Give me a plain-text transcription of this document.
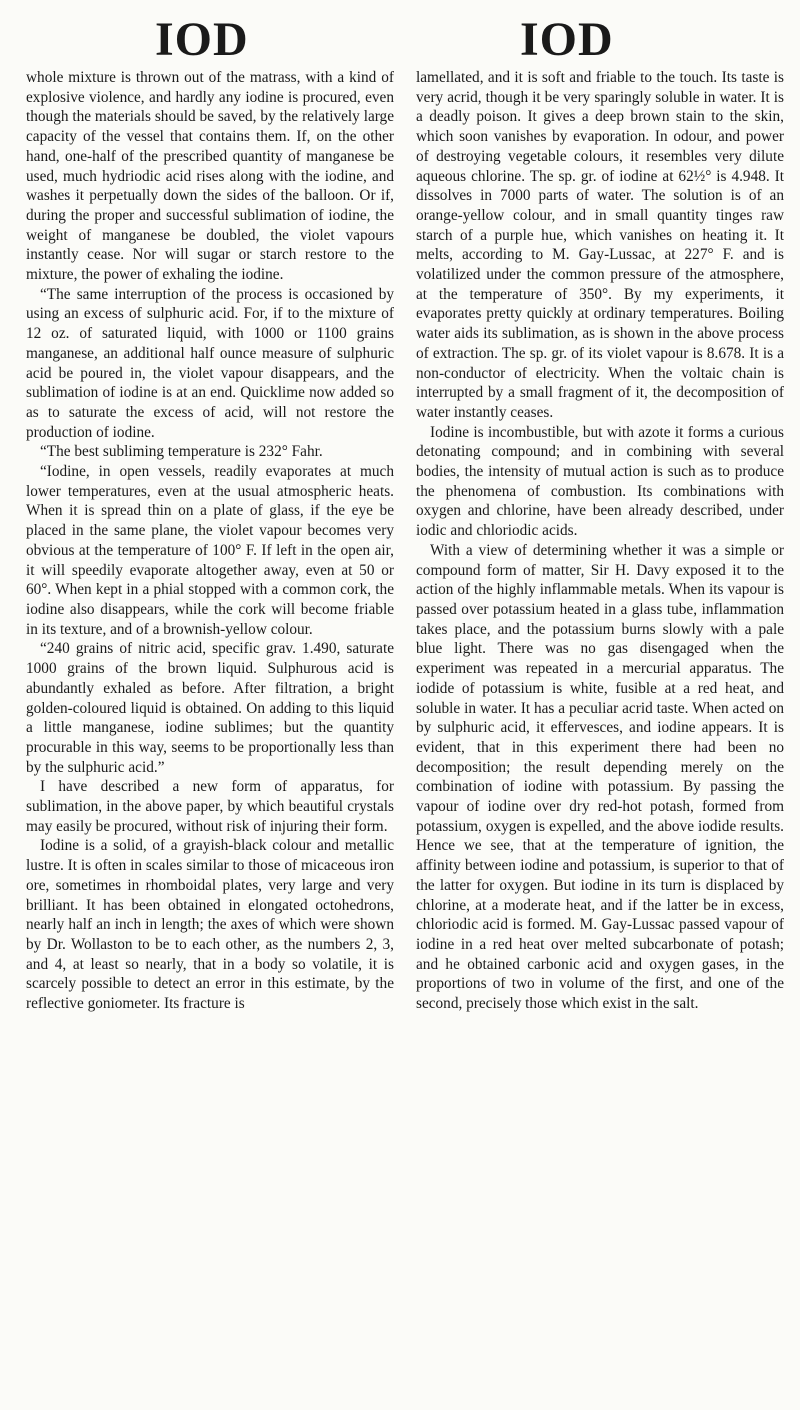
IOD	IOD

whole mixture is thrown out of the matrass, with a kind of explosive violence, and hardly any iodine is procured, even though the materials should be saved, by the relatively large capacity of the vessel that contains them. If, on the other hand, one-half of the prescribed quantity of manganese be used, much hydriodic acid rises along with the iodine, and washes it perpetually down the sides of the balloon. Or if, during the proper and successful sublimation of iodine, the weight of manganese be doubled, the violet vapours instantly cease. Nor will sugar or starch restore to the mixture, the power of exhaling the iodine.

“The same interruption of the process is occasioned by using an excess of sulphuric acid. For, if to the mixture of 12 oz. of saturated liquid, with 1000 or 1100 grains manganese, an additional half ounce measure of sulphuric acid be poured in, the violet vapour disappears, and the sublimation of iodine is at an end. Quicklime now added so as to saturate the excess of acid, will not restore the production of iodine.

“The best subliming temperature is 232° Fahr.

“Iodine, in open vessels, readily evaporates at much lower temperatures, even at the usual atmospheric heats. When it is spread thin on a plate of glass, if the eye be placed in the same plane, the violet vapour becomes very obvious at the temperature of 100° F. If left in the open air, it will speedily evaporate altogether away, even at 50 or 60°. When kept in a phial stopped with a common cork, the iodine also disappears, while the cork will become friable in its texture, and of a brownish-yellow colour.

“240 grains of nitric acid, specific grav. 1.490, saturate 1000 grains of the brown liquid. Sulphurous acid is abundantly exhaled as before. After filtration, a bright golden-coloured liquid is obtained. On adding to this liquid a little manganese, iodine sublimes; but the quantity procurable in this way, seems to be proportionally less than by the sulphuric acid.”

I have described a new form of apparatus, for sublimation, in the above paper, by which beautiful crystals may easily be procured, without risk of injuring their form.

Iodine is a solid, of a grayish-black colour and metallic lustre. It is often in scales similar to those of micaceous iron ore, sometimes in rhomboidal plates, very large and very brilliant. It has been obtained in elongated octohedrons, nearly half an inch in length; the axes of which were shown by Dr. Wollaston to be to each other, as the numbers 2, 3, and 4, at least so nearly, that in a body so volatile, it is scarcely possible to detect an error in this estimate, by the reflective goniometer. Its fracture is

lamellated, and it is soft and friable to the touch. Its taste is very acrid, though it be very sparingly soluble in water. It is a deadly poison. It gives a deep brown stain to the skin, which soon vanishes by evaporation. In odour, and power of destroying vegetable colours, it resembles very dilute aqueous chlorine. The sp. gr. of iodine at 62½° is 4.948. It dissolves in 7000 parts of water. The solution is of an orange-yellow colour, and in small quantity tinges raw starch of a purple hue, which vanishes on heating it. It melts, according to M. Gay-Lussac, at 227° F. and is volatilized under the common pressure of the atmosphere, at the temperature of 350°. By my experiments, it evaporates pretty quickly at ordinary temperatures. Boiling water aids its sublimation, as is shown in the above process of extraction. The sp. gr. of its violet vapour is 8.678. It is a non-conductor of electricity. When the voltaic chain is interrupted by a small fragment of it, the decomposition of water instantly ceases.

Iodine is incombustible, but with azote it forms a curious detonating compound; and in combining with several bodies, the intensity of mutual action is such as to produce the phenomena of combustion. Its combinations with oxygen and chlorine, have been already described, under iodic and chloriodic acids.

With a view of determining whether it was a simple or compound form of matter, Sir H. Davy exposed it to the action of the highly inflammable metals. When its vapour is passed over potassium heated in a glass tube, inflammation takes place, and the potassium burns slowly with a pale blue light. There was no gas disengaged when the experiment was repeated in a mercurial apparatus. The iodide of potassium is white, fusible at a red heat, and soluble in water. It has a peculiar acrid taste. When acted on by sulphuric acid, it effervesces, and iodine appears. It is evident, that in this experiment there had been no decomposition; the result depending merely on the combination of iodine with potassium. By passing the vapour of iodine over dry red-hot potash, formed from potassium, oxygen is expelled, and the above iodide results. Hence we see, that at the temperature of ignition, the affinity between iodine and potassium, is superior to that of the latter for oxygen. But iodine in its turn is displaced by chlorine, at a moderate heat, and if the latter be in excess, chloriodic acid is formed. M. Gay-Lussac passed vapour of iodine in a red heat over melted subcarbonate of potash; and he obtained carbonic acid and oxygen gases, in the proportions of two in volume of the first, and one of the second, precisely those which exist in the salt.
